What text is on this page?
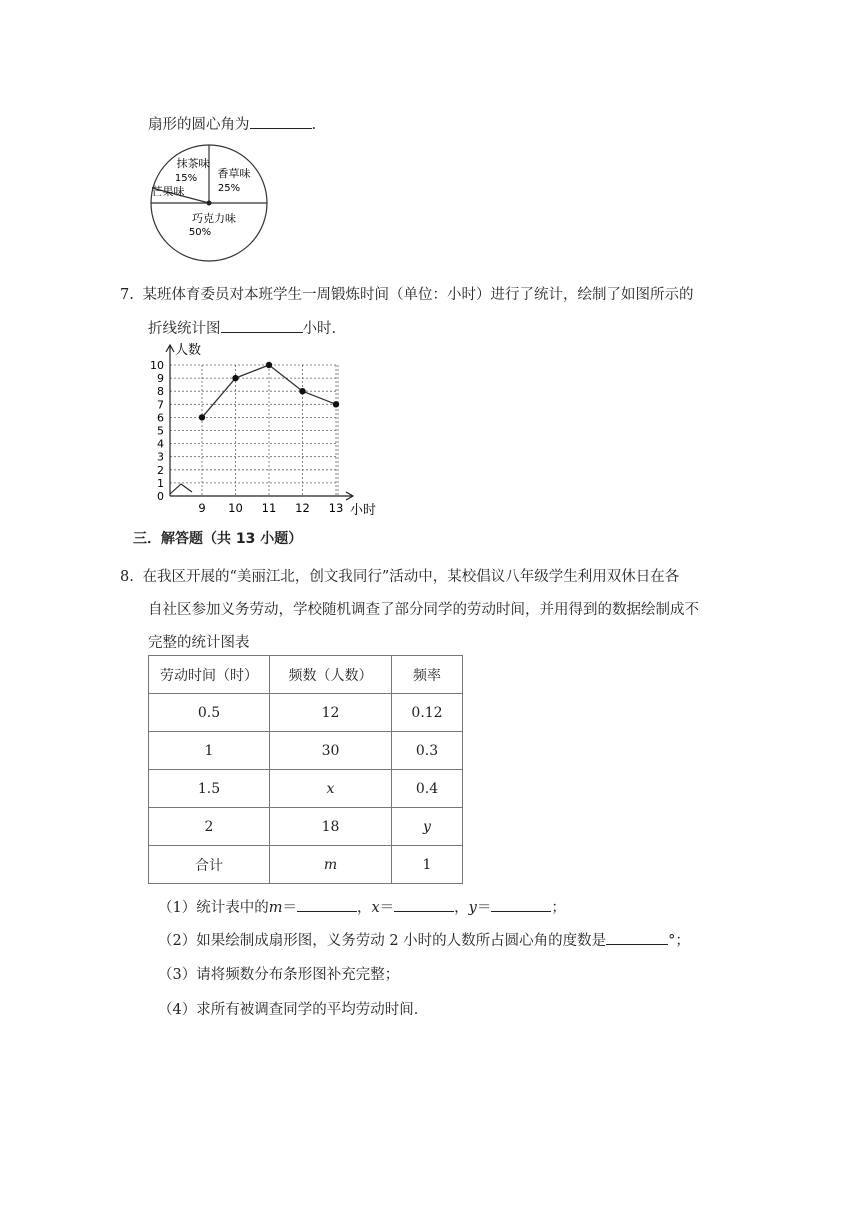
扇形的圆心角为	.
香草味
25%
巧克力味
50%
抹茶味
15%
芒果味
7. 某班体育委员对本班学生一周锻炼时间（单位：小时）进行了统计，绘制了如图所示的
折线统计图	小时.
0
1
2
3
4
5
6
7
8
9
10
9 10 11 12 13
人数
小时
三．解答题（共 13 小题）
8. 在我区开展的“美丽江北，创文我同行”活动中，某校倡议八年级学生利用双休日在各
自社区参加义务劳动，学校随机调查了部分同学的劳动时间，并用得到的数据绘制成不
完整的统计图表
劳动时间（时）	频数（人数）	频率
0.5	12	0.12
1	30	0.3
1.5	x	0.4
2	18	y
合计	m	1
（1）统计表中的m＝	，x＝	，y＝	；
（2）如果绘制成扇形图，义务劳动 2 小时的人数所占圆心角的度数是	°；
（3）请将频数分布条形图补充完整；
（4）求所有被调查同学的平均劳动时间．
